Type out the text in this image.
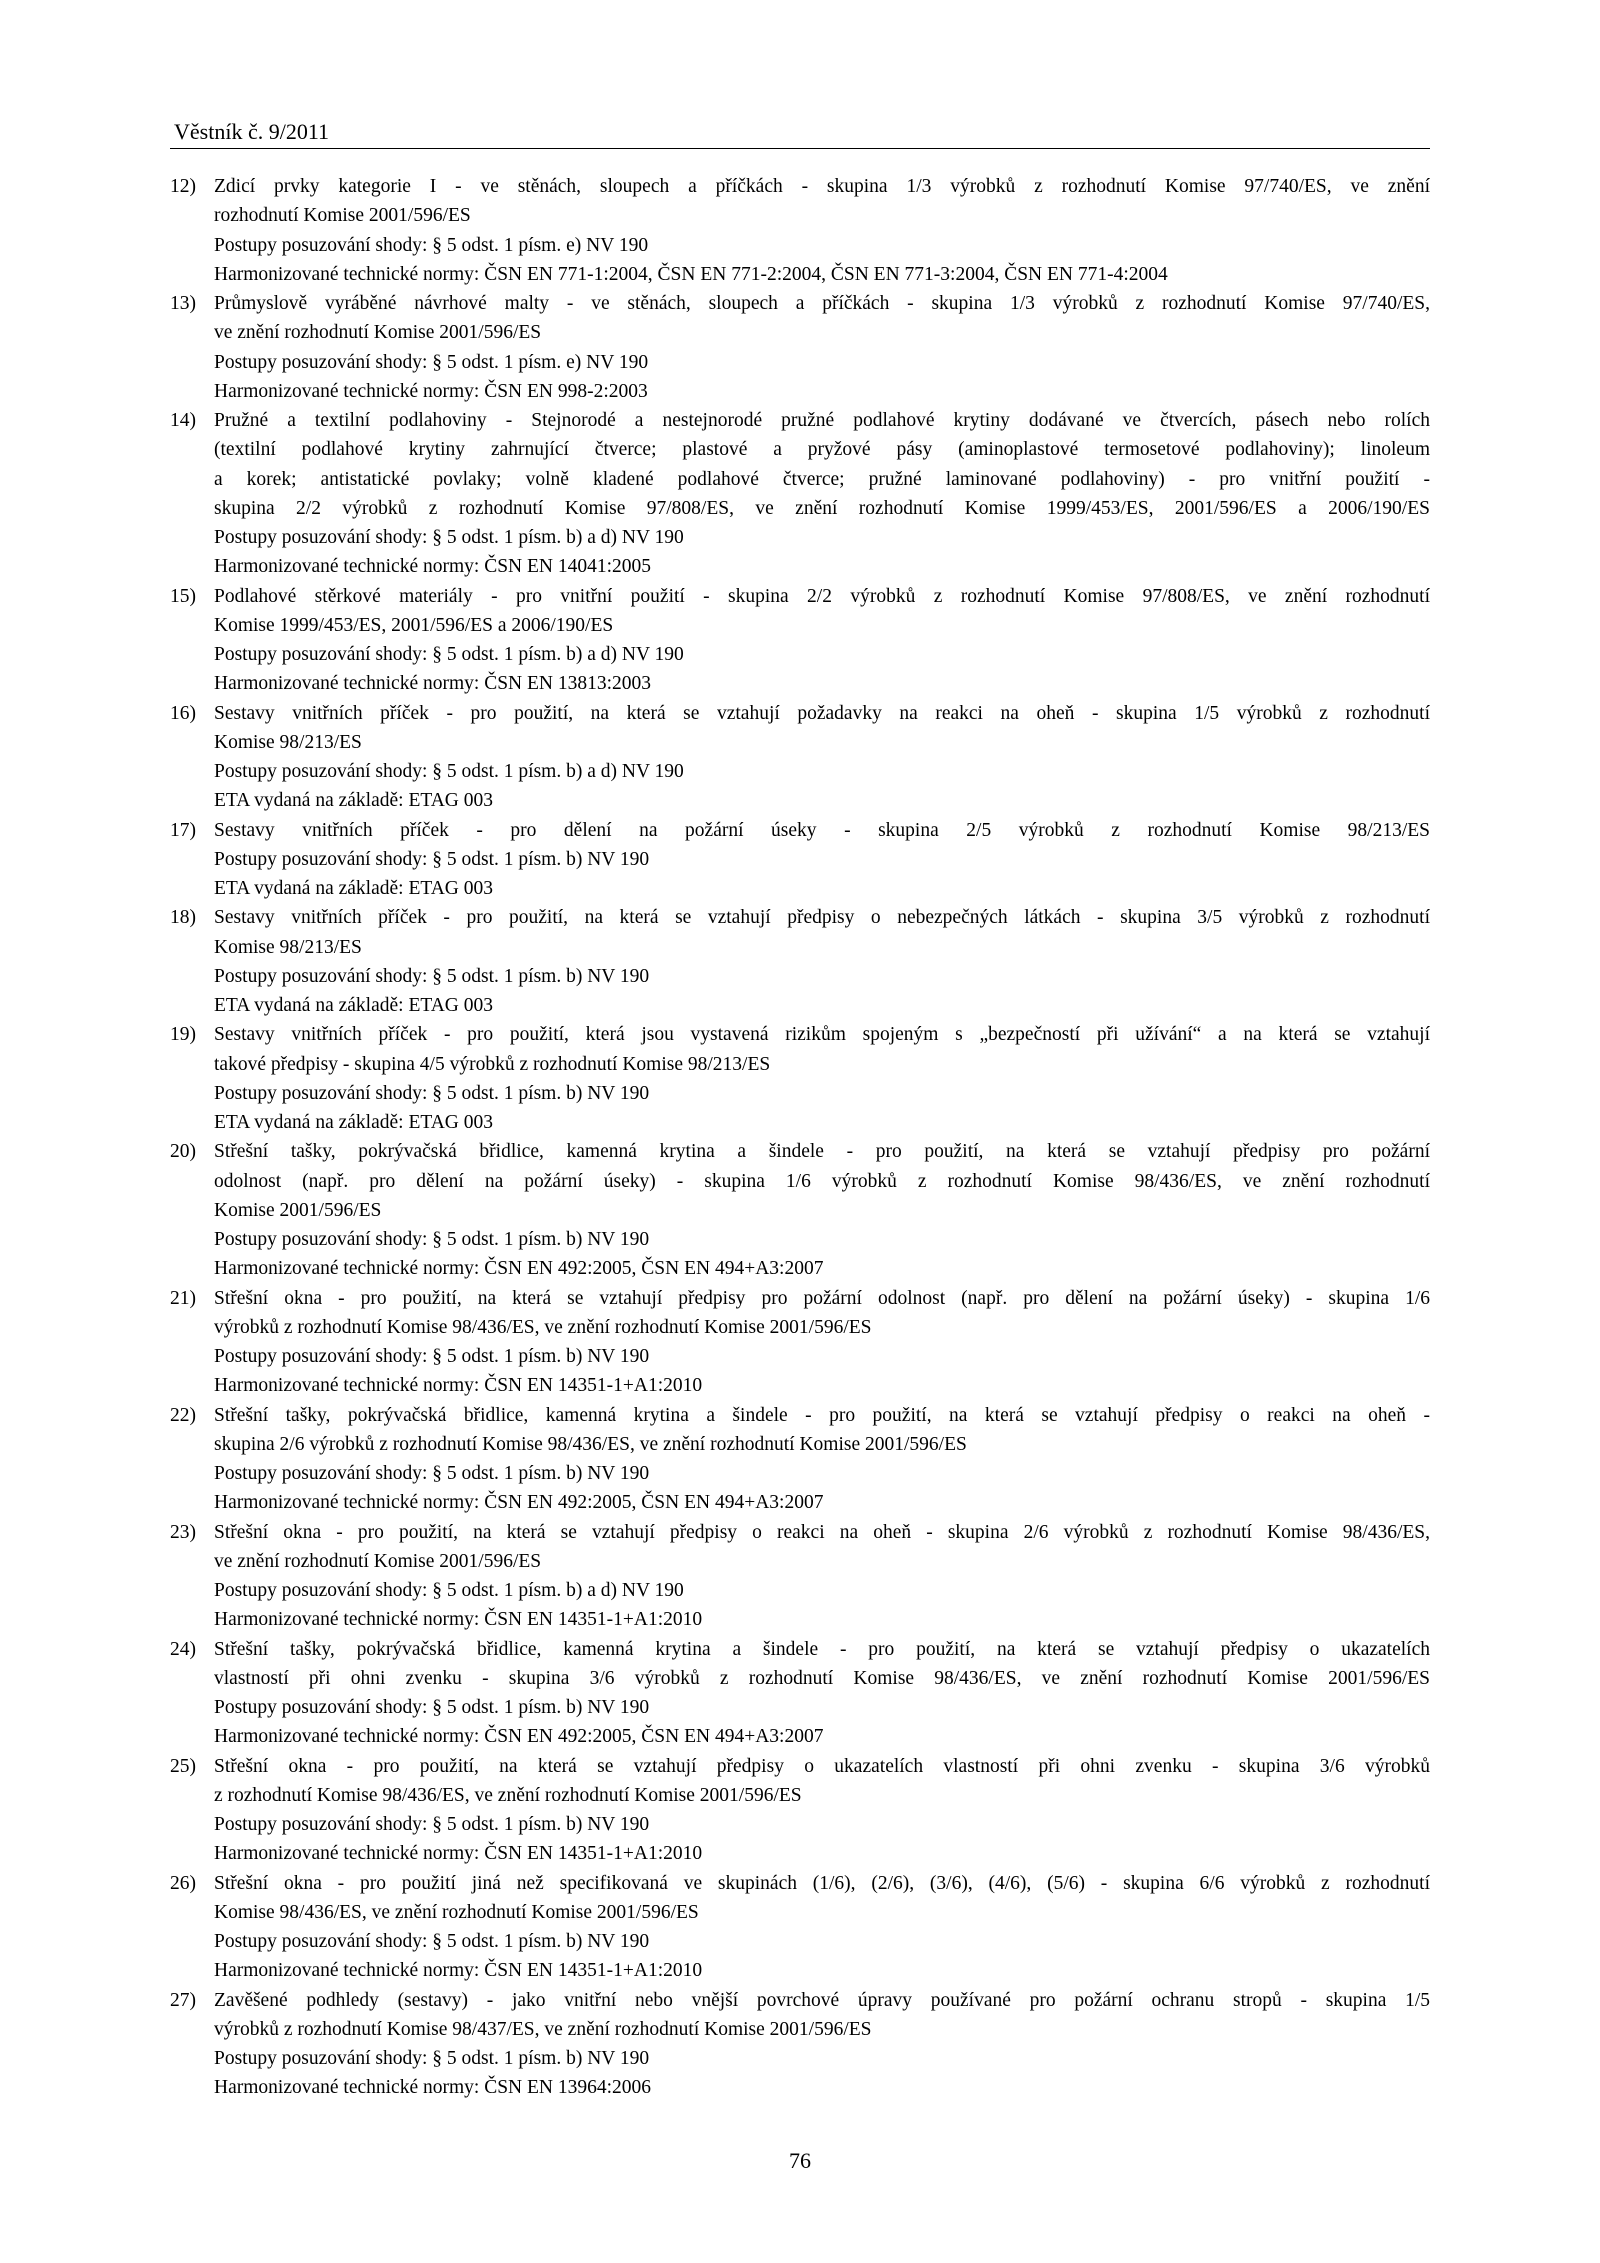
Věstník č. 9/2011
12) Zdicí prvky kategorie I - ve stěnách, sloupech a příčkách - skupina 1/3 výrobků z rozhodnutí Komise 97/740/ES, ve znění
rozhodnutí Komise 2001/596/ES
Postupy posuzování shody: § 5 odst. 1 písm. e) NV 190
Harmonizované technické normy: ČSN EN 771-1:2004, ČSN EN 771-2:2004, ČSN EN 771-3:2004, ČSN EN 771-4:2004
13) Průmyslově vyráběné návrhové malty - ve stěnách, sloupech a příčkách - skupina 1/3 výrobků z rozhodnutí Komise 97/740/ES,
ve znění rozhodnutí Komise 2001/596/ES
Postupy posuzování shody: § 5 odst. 1 písm. e) NV 190
Harmonizované technické normy: ČSN EN 998-2:2003
14) Pružné a textilní podlahoviny - Stejnorodé a nestejnorodé pružné podlahové krytiny dodávané ve čtvercích, pásech nebo rolích
(textilní podlahové krytiny zahrnující čtverce; plastové a pryžové pásy (aminoplastové termosetové podlahoviny); linoleum
a korek; antistatické povlaky; volně kladené podlahové čtverce; pružné laminované podlahoviny) - pro vnitřní použití -
skupina 2/2 výrobků z rozhodnutí Komise 97/808/ES, ve znění rozhodnutí Komise 1999/453/ES, 2001/596/ES a 2006/190/ES
Postupy posuzování shody: § 5 odst. 1 písm. b) a d) NV 190
Harmonizované technické normy: ČSN EN 14041:2005
15) Podlahové stěrkové materiály - pro vnitřní použití - skupina 2/2 výrobků z rozhodnutí Komise 97/808/ES, ve znění rozhodnutí
Komise 1999/453/ES, 2001/596/ES a 2006/190/ES
Postupy posuzování shody: § 5 odst. 1 písm. b) a d) NV 190
Harmonizované technické normy: ČSN EN 13813:2003
16) Sestavy vnitřních příček - pro použití, na která se vztahují požadavky na reakci na oheň - skupina 1/5 výrobků z rozhodnutí
Komise 98/213/ES
Postupy posuzování shody: § 5 odst. 1 písm. b) a d) NV 190
ETA vydaná na základě: ETAG 003
17) Sestavy vnitřních příček - pro dělení na požární úseky - skupina 2/5 výrobků z rozhodnutí Komise 98/213/ES
Postupy posuzování shody: § 5 odst. 1 písm. b) NV 190
ETA vydaná na základě: ETAG 003
18) Sestavy vnitřních příček - pro použití, na která se vztahují předpisy o nebezpečných látkách - skupina 3/5 výrobků z rozhodnutí
Komise 98/213/ES
Postupy posuzování shody: § 5 odst. 1 písm. b) NV 190
ETA vydaná na základě: ETAG 003
19) Sestavy vnitřních příček - pro použití, která jsou vystavená rizikům spojeným s „bezpečností při užívání“ a na která se vztahují
takové předpisy - skupina 4/5 výrobků z rozhodnutí Komise 98/213/ES
Postupy posuzování shody: § 5 odst. 1 písm. b) NV 190
ETA vydaná na základě: ETAG 003
20) Střešní tašky, pokrývačská břidlice, kamenná krytina a šindele - pro použití, na která se vztahují předpisy pro požární
odolnost (např. pro dělení na požární úseky) - skupina 1/6 výrobků z rozhodnutí Komise 98/436/ES, ve znění rozhodnutí
Komise 2001/596/ES
Postupy posuzování shody: § 5 odst. 1 písm. b) NV 190
Harmonizované technické normy: ČSN EN 492:2005, ČSN EN 494+A3:2007
21) Střešní okna - pro použití, na která se vztahují předpisy pro požární odolnost (např. pro dělení na požární úseky) - skupina 1/6
výrobků z rozhodnutí Komise 98/436/ES, ve znění rozhodnutí Komise 2001/596/ES
Postupy posuzování shody: § 5 odst. 1 písm. b) NV 190
Harmonizované technické normy: ČSN EN 14351-1+A1:2010
22) Střešní tašky, pokrývačská břidlice, kamenná krytina a šindele - pro použití, na která se vztahují předpisy o reakci na oheň -
skupina 2/6 výrobků z rozhodnutí Komise 98/436/ES, ve znění rozhodnutí Komise 2001/596/ES
Postupy posuzování shody: § 5 odst. 1 písm. b) NV 190
Harmonizované technické normy: ČSN EN 492:2005, ČSN EN 494+A3:2007
23) Střešní okna - pro použití, na která se vztahují předpisy o reakci na oheň - skupina 2/6 výrobků z rozhodnutí Komise 98/436/ES,
ve znění rozhodnutí Komise 2001/596/ES
Postupy posuzování shody: § 5 odst. 1 písm. b) a d) NV 190
Harmonizované technické normy: ČSN EN 14351-1+A1:2010
24) Střešní tašky, pokrývačská břidlice, kamenná krytina a šindele - pro použití, na která se vztahují předpisy o ukazatelích
vlastností při ohni zvenku - skupina 3/6 výrobků z rozhodnutí Komise 98/436/ES, ve znění rozhodnutí Komise 2001/596/ES
Postupy posuzování shody: § 5 odst. 1 písm. b) NV 190
Harmonizované technické normy: ČSN EN 492:2005, ČSN EN 494+A3:2007
25) Střešní okna - pro použití, na která se vztahují předpisy o ukazatelích vlastností při ohni zvenku - skupina 3/6 výrobků
z rozhodnutí Komise 98/436/ES, ve znění rozhodnutí Komise 2001/596/ES
Postupy posuzování shody: § 5 odst. 1 písm. b) NV 190
Harmonizované technické normy: ČSN EN 14351-1+A1:2010
26) Střešní okna - pro použití jiná než specifikovaná ve skupinách (1/6), (2/6), (3/6), (4/6), (5/6) - skupina 6/6 výrobků z rozhodnutí
Komise 98/436/ES, ve znění rozhodnutí Komise 2001/596/ES
Postupy posuzování shody: § 5 odst. 1 písm. b) NV 190
Harmonizované technické normy: ČSN EN 14351-1+A1:2010
27) Zavěšené podhledy (sestavy) - jako vnitřní nebo vnější povrchové úpravy používané pro požární ochranu stropů - skupina 1/5
výrobků z rozhodnutí Komise 98/437/ES, ve znění rozhodnutí Komise 2001/596/ES
Postupy posuzování shody: § 5 odst. 1 písm. b) NV 190
Harmonizované technické normy: ČSN EN 13964:2006
76
